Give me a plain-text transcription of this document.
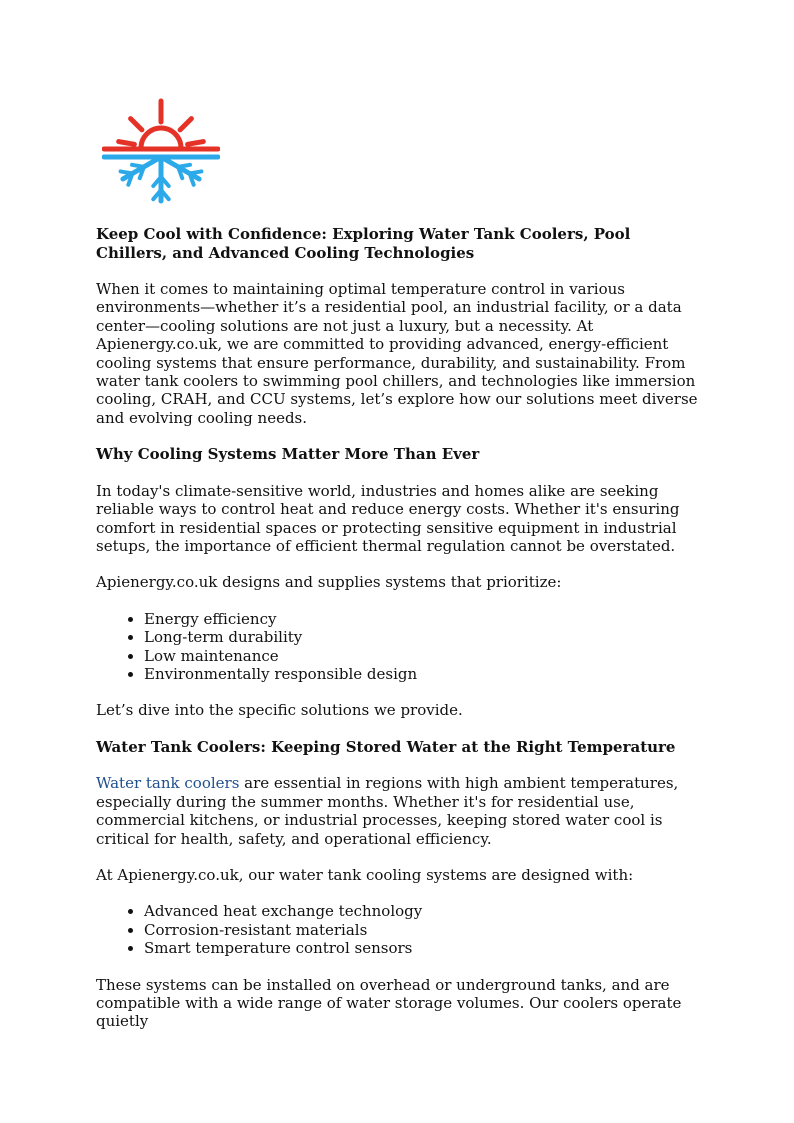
Keep Cool with Confidence: Exploring Water Tank Coolers, Pool Chillers, and Advanced Cooling Technologies

When it comes to maintaining optimal temperature control in various environments—whether it’s a residential pool, an industrial facility, or a data center—cooling solutions are not just a luxury, but a necessity. At Apienergy.co.uk, we are committed to providing advanced, energy-efficient cooling systems that ensure performance, durability, and sustainability. From water tank coolers to swimming pool chillers, and technologies like immersion cooling, CRAH, and CCU systems, let’s explore how our solutions meet diverse and evolving cooling needs.

Why Cooling Systems Matter More Than Ever

In today's climate-sensitive world, industries and homes alike are seeking reliable ways to control heat and reduce energy costs. Whether it's ensuring comfort in residential spaces or protecting sensitive equipment in industrial setups, the importance of efficient thermal regulation cannot be overstated.

Apienergy.co.uk designs and supplies systems that prioritize:

• Energy efficiency
• Long-term durability
• Low maintenance
• Environmentally responsible design

Let’s dive into the specific solutions we provide.

Water Tank Coolers: Keeping Stored Water at the Right Temperature

Water tank coolers are essential in regions with high ambient temperatures, especially during the summer months. Whether it's for residential use, commercial kitchens, or industrial processes, keeping stored water cool is critical for health, safety, and operational efficiency.

At Apienergy.co.uk, our water tank cooling systems are designed with:

• Advanced heat exchange technology
• Corrosion-resistant materials
• Smart temperature control sensors

These systems can be installed on overhead or underground tanks, and are compatible with a wide range of water storage volumes. Our coolers operate quietly
